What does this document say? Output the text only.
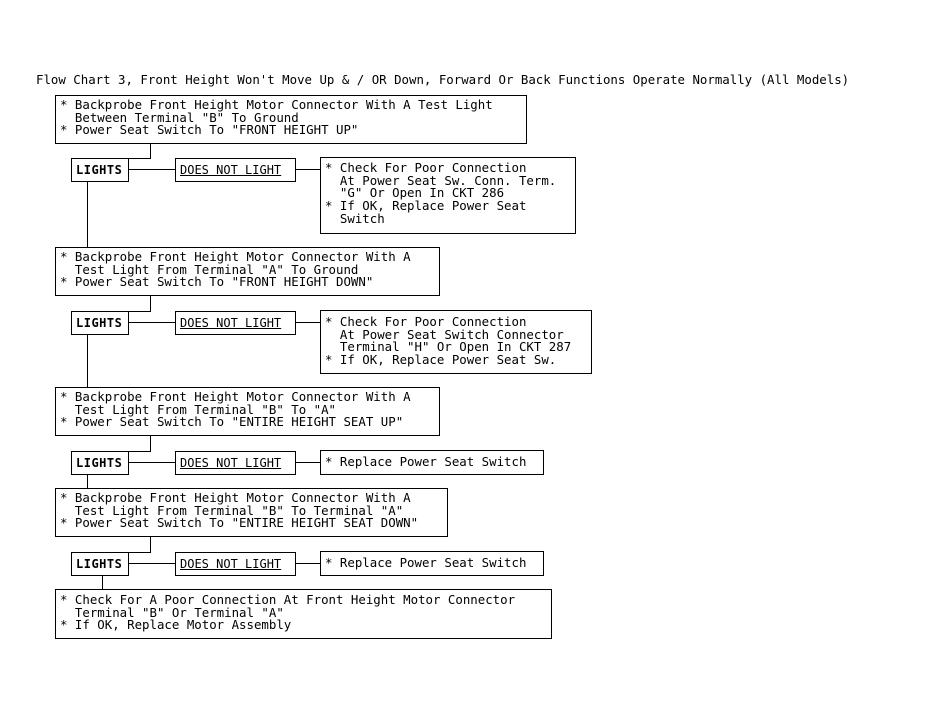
Flow Chart 3, Front Height Won't Move Up & / OR Down, Forward Or Back Functions Operate Normally (All Models)
* Backprobe Front Height Motor Connector With A Test Light
Between Terminal "B" To Ground
* Power Seat Switch To "FRONT HEIGHT UP"
LIGHTS	DOES NOT LIGHT	* Check For Poor Connection
At Power Seat Sw. Conn. Term.
"G" Or Open In CKT 286
* If OK, Replace Power Seat
Switch
* Backprobe Front Height Motor Connector With A
Test Light From Terminal "A" To Ground
* Power Seat Switch To "FRONT HEIGHT DOWN"
LIGHTS	DOES NOT LIGHT	* Check For Poor Connection
At Power Seat Switch Connector
Terminal "H" Or Open In CKT 287
* If OK, Replace Power Seat Sw.
* Backprobe Front Height Motor Connector With A
Test Light From Terminal "B" To "A"
* Power Seat Switch To "ENTIRE HEIGHT SEAT UP"
LIGHTS	DOES NOT LIGHT	* Replace Power Seat Switch
* Backprobe Front Height Motor Connector With A
Test Light From Terminal "B" To Terminal "A"
* Power Seat Switch To "ENTIRE HEIGHT SEAT DOWN"
LIGHTS	DOES NOT LIGHT	* Replace Power Seat Switch
* Check For A Poor Connection At Front Height Motor Connector
Terminal "B" Or Terminal "A"
* If OK, Replace Motor Assembly
